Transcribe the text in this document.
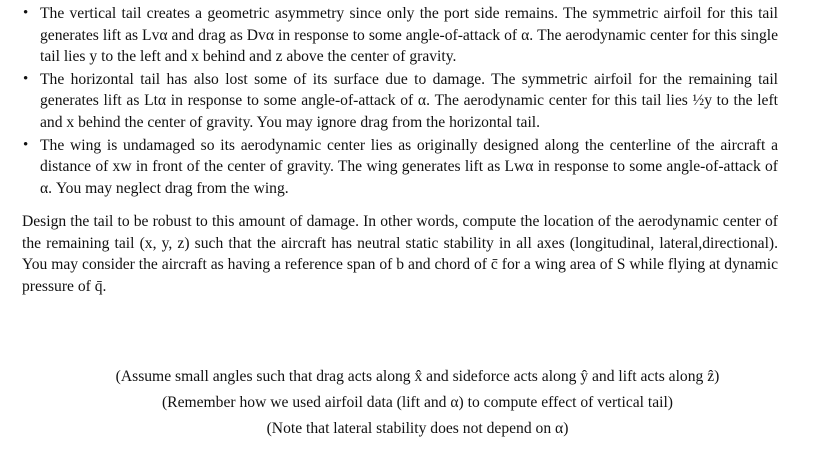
• The vertical tail creates a geometric asymmetry since only the port side remains. The symmetric airfoil for this tail generates lift as Lvα and drag as Dvα in response to some angle-of-attack of α. The aerodynamic center for this single tail lies y to the left and x behind and z above the center of gravity.
• The horizontal tail has also lost some of its surface due to damage. The symmetric airfoil for the remaining tail generates lift as Ltα in response to some angle-of-attack of α. The aerodynamic center for this tail lies ½y to the left and x behind the center of gravity. You may ignore drag from the horizontal tail.
• The wing is undamaged so its aerodynamic center lies as originally designed along the centerline of the aircraft a distance of xw in front of the center of gravity. The wing generates lift as Lwα in response to some angle-of-attack of α. You may neglect drag from the wing.

Design the tail to be robust to this amount of damage. In other words, compute the location of the aerodynamic center of the remaining tail (x, y, z) such that the aircraft has neutral static stability in all axes (longitudinal, lateral,directional). You may consider the aircraft as having a reference span of b and chord of c̄ for a wing area of S while flying at dynamic pressure of q̄.

(Assume small angles such that drag acts along x̂ and sideforce acts along ŷ and lift acts along ẑ)
(Remember how we used airfoil data (lift and α) to compute effect of vertical tail)
(Note that lateral stability does not depend on α)
